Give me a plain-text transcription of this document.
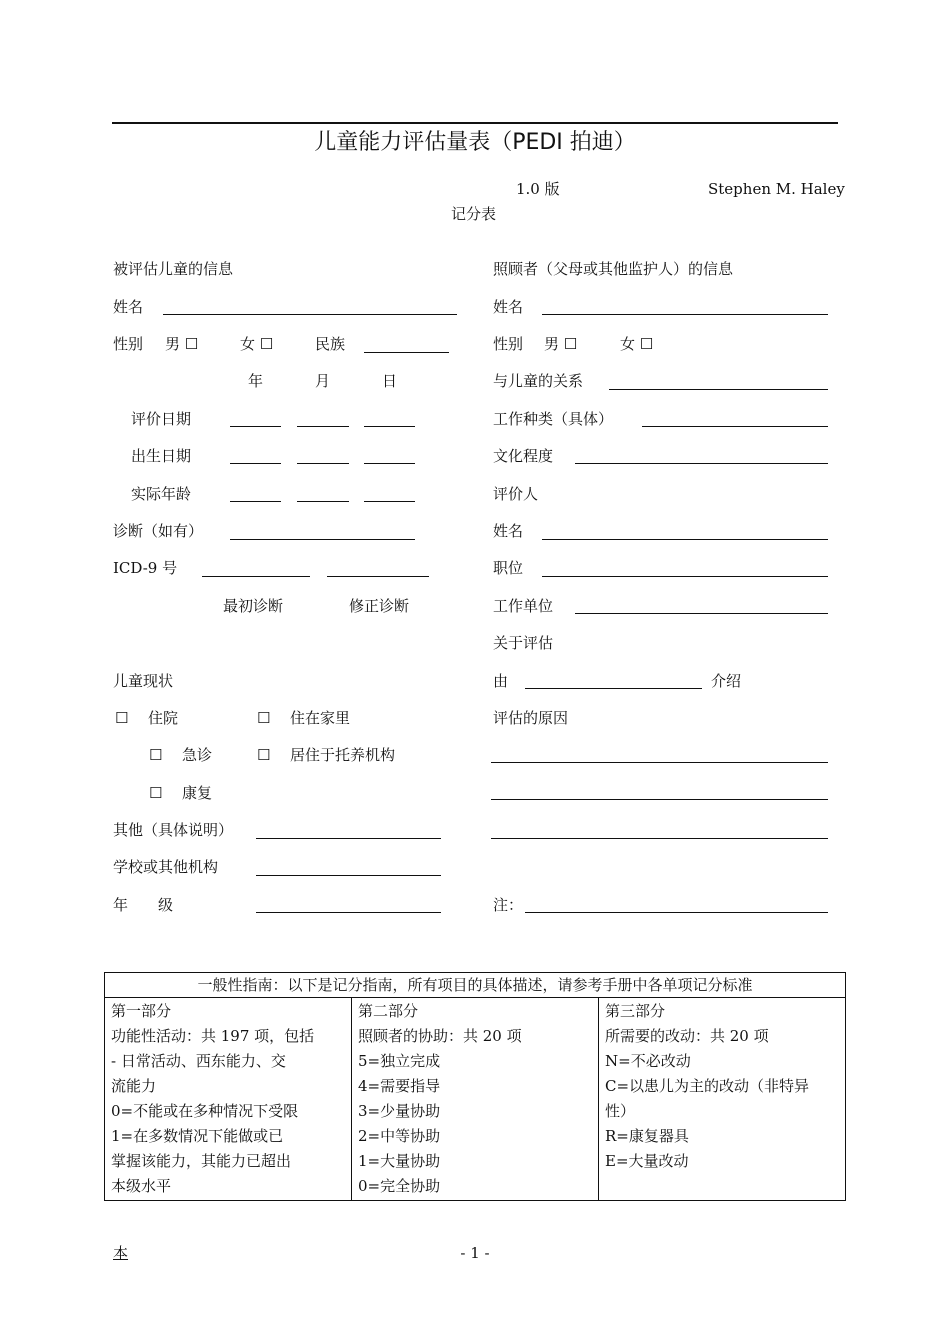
儿童能力评估量表（PEDI 拍迪）
1.0 版	Stephen M. Haley
记分表
被评估儿童的信息
姓名
性别 男 ☐	女 ☐	民族
年	月	日
评价日期
出生日期
实际年龄
诊断（如有）
ICD-9 号
最初诊断	修正诊断
儿童现状
☐ 住院	☐ 住在家里
☐ 急诊	☐ 居住于托养机构
☐ 康复
其他（具体说明）
学校或其他机构
年　　级
照顾者（父母或其他监护人）的信息
姓名
性别 男 ☐	女 ☐
与儿童的关系
工作种类（具体）
文化程度
评价人
姓名
职位
工作单位
关于评估
由	介绍
评估的原因
注：
一般性指南：以下是记分指南，所有项目的具体描述，请参考手册中各单项记分标准

第一部分
功能性活动：共 197 项，包括
- 日常活动、西东能力、交
流能力
0=不能或在多种情况下受限
1=在多数情况下能做或已
掌握该能力，其能力已超出
本级水平

第二部分
照顾者的协助：共 20 项
5=独立完成
4=需要指导
3=少量协助
2=中等协助
1=大量协助
0=完全协助

第三部分
所需要的改动：共 20 项
N=不必改动
C=以患儿为主的改动（非特异
性）
R=康复器具
E=大量改动
本	- 1 -
